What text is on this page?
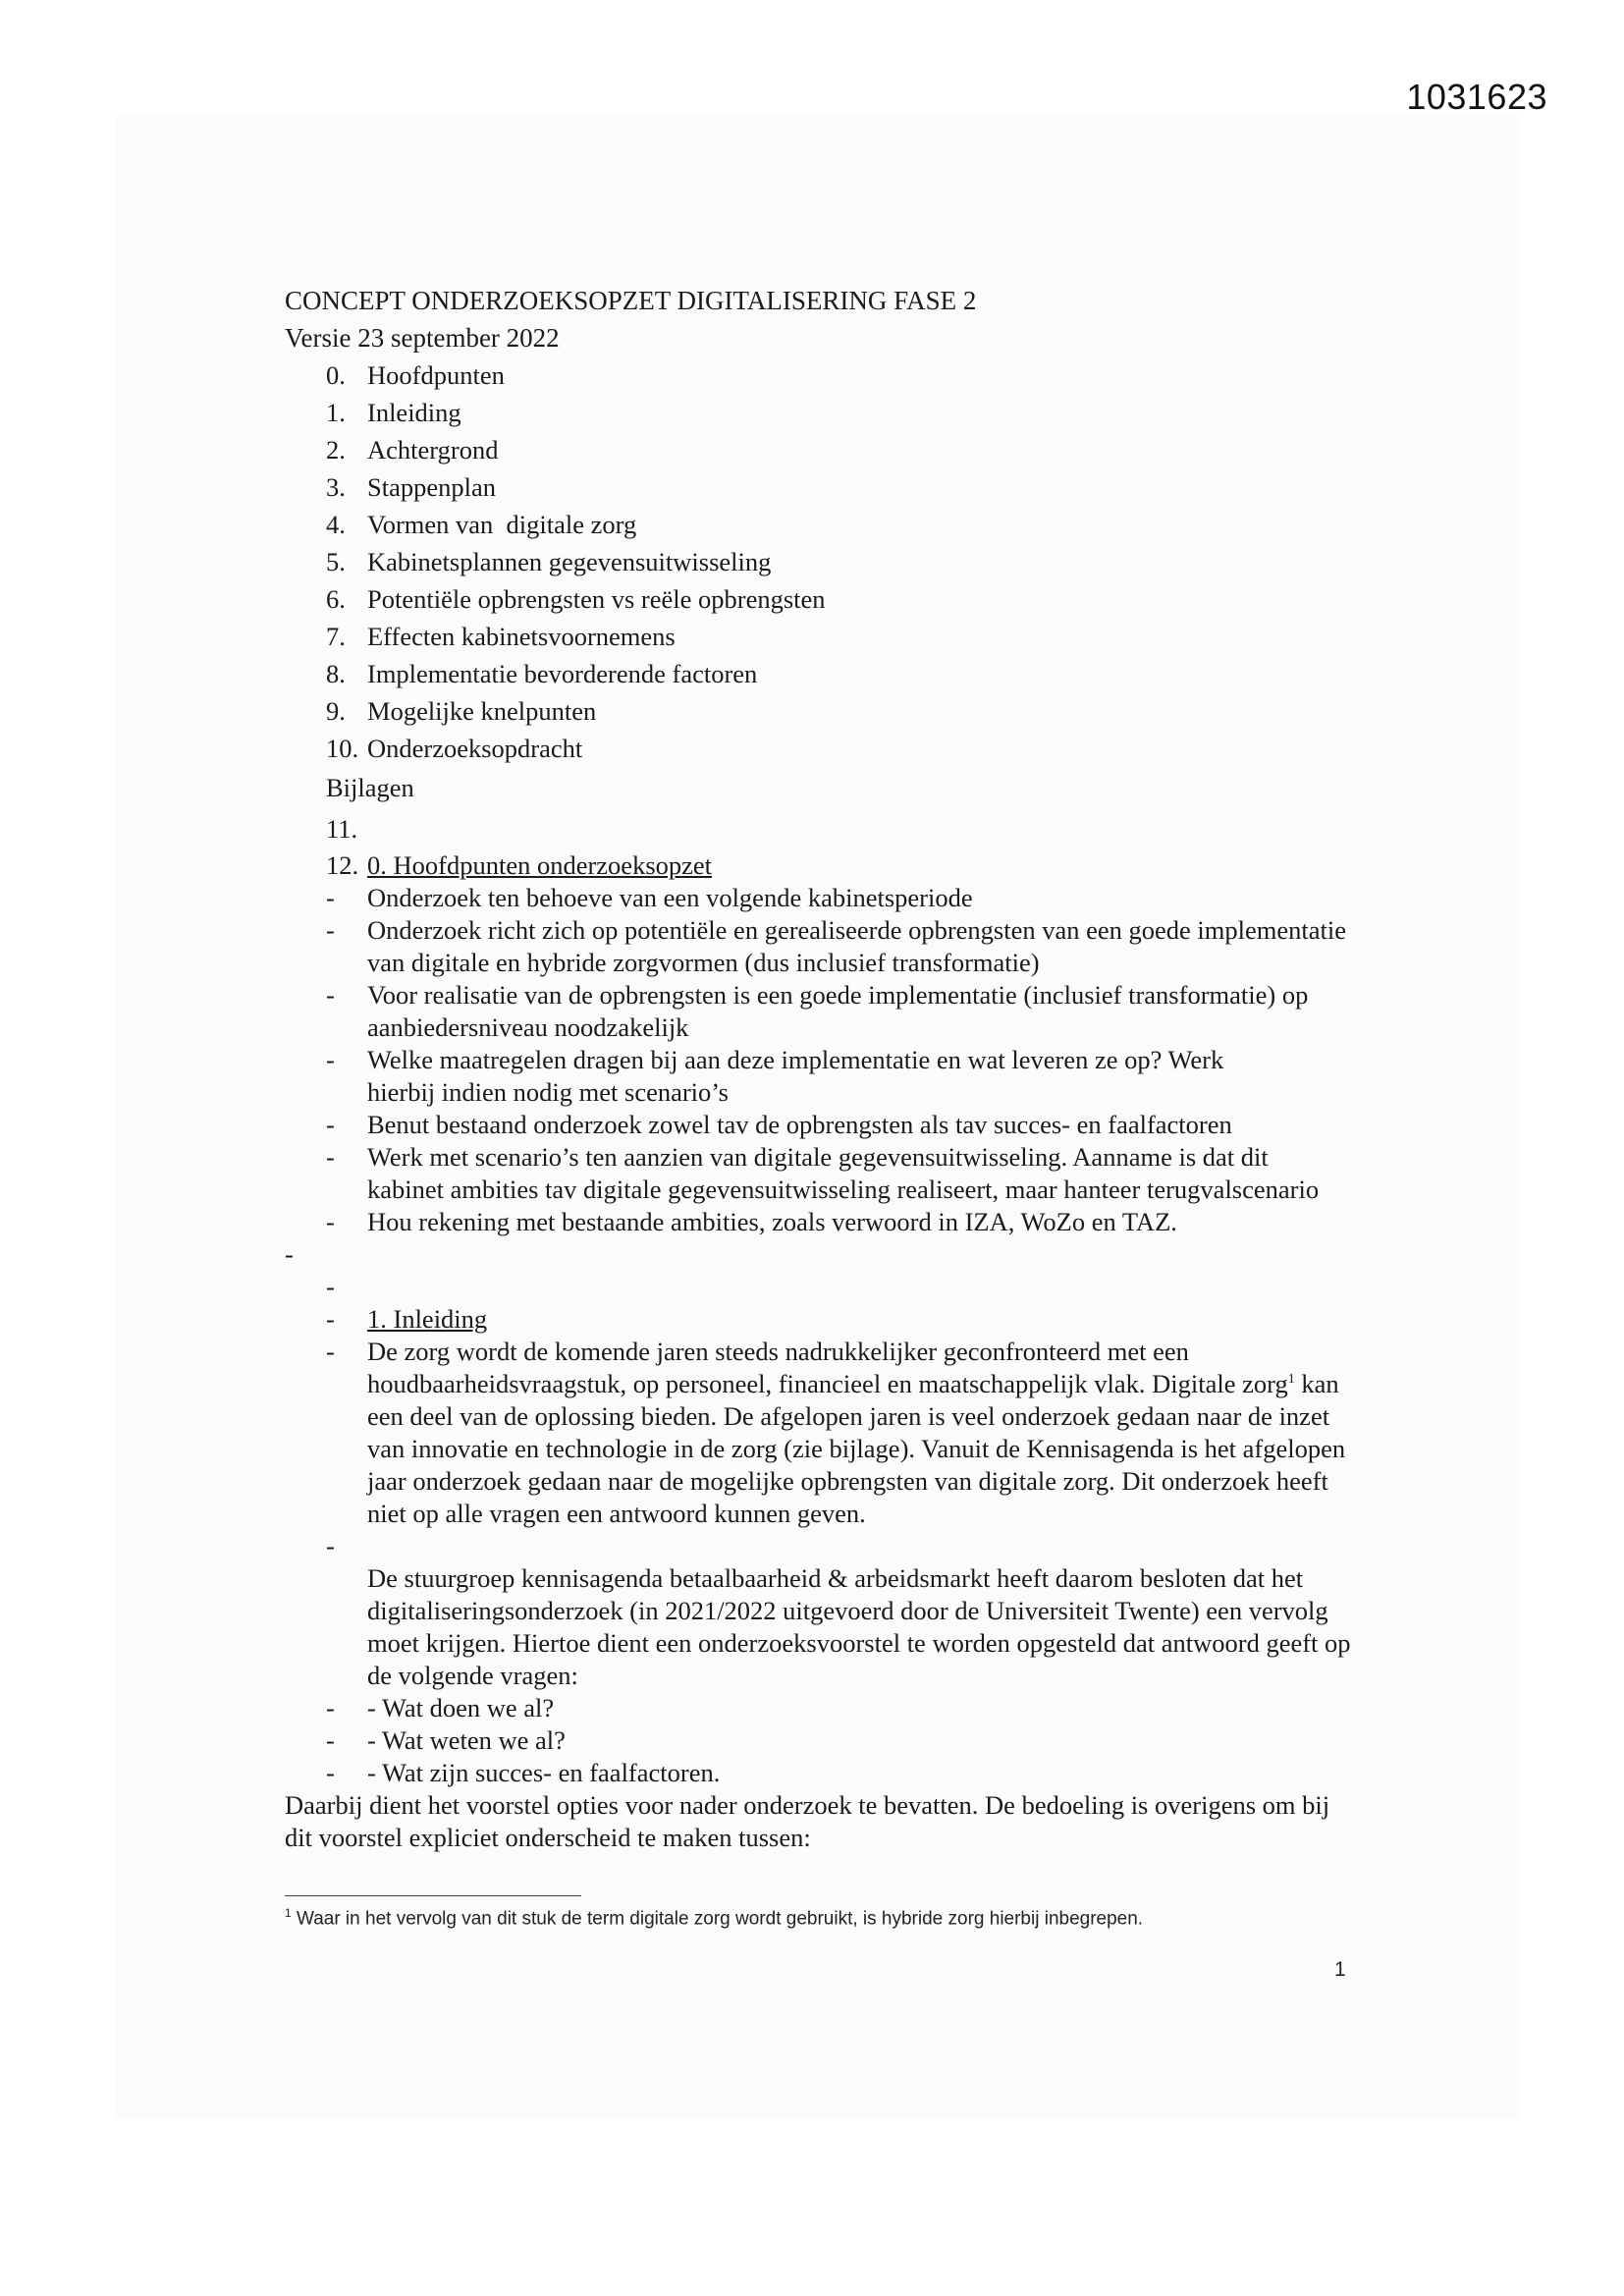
1031623

CONCEPT ONDERZOEKSOPZET DIGITALISERING FASE 2

Versie 23 september 2022

0. Hoofdpunten
1. Inleiding
2. Achtergrond
3. Stappenplan
4. Vormen van  digitale zorg
5. Kabinetsplannen gegevensuitwisseling
6. Potentiële opbrengsten vs reële opbrengsten
7. Effecten kabinetsvoornemens
8. Implementatie bevorderende factoren
9. Mogelijke knelpunten
10. Onderzoeksopdracht
Bijlagen
11.
12. 0. Hoofdpunten onderzoeksopzet
- Onderzoek ten behoeve van een volgende kabinetsperiode
- Onderzoek richt zich op potentiële en gerealiseerde opbrengsten van een goede implementatie van digitale en hybride zorgvormen (dus inclusief transformatie)
- Voor realisatie van de opbrengsten is een goede implementatie (inclusief transformatie) op aanbiedersniveau noodzakelijk
- Welke maatregelen dragen bij aan deze implementatie en wat leveren ze op? Werk hierbij indien nodig met scenario’s
- Benut bestaand onderzoek zowel tav de opbrengsten als tav succes- en faalfactoren
- Werk met scenario’s ten aanzien van digitale gegevensuitwisseling. Aanname is dat dit kabinet ambities tav digitale gegevensuitwisseling realiseert, maar hanteer terugvalscenario
- Hou rekening met bestaande ambities, zoals verwoord in IZA, WoZo en TAZ.
-
-
- 1. Inleiding
- De zorg wordt de komende jaren steeds nadrukkelijker geconfronteerd met een houdbaarheidsvraagstuk, op personeel, financieel en maatschappelijk vlak. Digitale zorg$^1$ kan een deel van de oplossing bieden. De afgelopen jaren is veel onderzoek gedaan naar de inzet van innovatie en technologie in de zorg (zie bijlage). Vanuit de Kennisagenda is het afgelopen jaar onderzoek gedaan naar de mogelijke opbrengsten van digitale zorg. Dit onderzoek heeft niet op alle vragen een antwoord kunnen geven.
-
De stuurgroep kennisagenda betaalbaarheid & arbeidsmarkt heeft daarom besloten dat het digitaliseringsonderzoek (in 2021/2022 uitgevoerd door de Universiteit Twente) een vervolg moet krijgen. Hiertoe dient een onderzoeksvoorstel te worden opgesteld dat antwoord geeft op de volgende vragen:
- - Wat doen we al?
- - Wat weten we al?
- - Wat zijn succes- en faalfactoren.

Daarbij dient het voorstel opties voor nader onderzoek te bevatten. De bedoeling is overigens om bij dit voorstel expliciet onderscheid te maken tussen:

$^1$ Waar in het vervolg van dit stuk de term digitale zorg wordt gebruikt, is hybride zorg hierbij inbegrepen.
1
